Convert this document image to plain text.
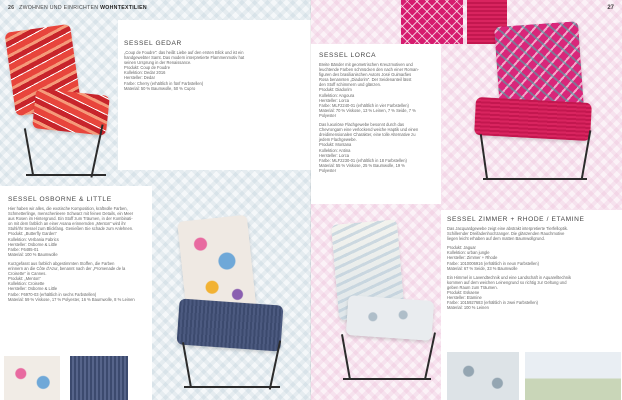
26 ZWOHNEN UND EINRICHTEN WOHNTEXTILIEN
SESSEL GEDAR

„Coup de Foudre“: das heißt Liebe auf den ersten Blick und ist ein
handgewebter Samt. Das modern interpretierte Flammenmotiv hat
seinen Ursprung in der Renaissance.
Produkt: Coup de Foudre
Kollektion: Dedar 2016
Hersteller: Dedar
Farbe: Cherry (erhältlich in fünf Farbstellen)
Material: 50 % Baumwolle, 50 % Cupro

SESSEL OSBORNE & LITTLE

Hier haben wir alles, die exotische Komposition, kraftvolle Farben,
Schmetterlinge, menschenleere Schwarz mit feinen Details, ein Meer
aus Rosen im Hintergrund. Ein Stoff zum Träumen, in der Kombinati-
on mit dem farblich an einer Asana erinnernden „Menton“ wird ihr
Stuhl/Ihr Sessel zum Blickfang. Genießen Sie schade zum Anlehnen.
Produkt: „Butterfly Garden“
Kollektion: Verbania Fabrics
Hersteller: Osborne & Little
Farbe: F6485-01
Material: 100 % Baumwolle

Kurzgefasst aus farblich abgestimmten Stoffen, die Farben
erinnern an die Côte d'Azur, benannt nach der „Promenade de la
Croisette“ in Cannes.
Produkt: „Menton“
Kollektion: Croisette
Hersteller: Osborne & Little
Farbe: F6970-03 (erhältlich in sechs Farbstellen)
Material: 59 % Viskose, 17 % Polyester, 16 % Baumwolle, 8 % Leinen

27
SESSEL LORCA

Breite Bänder mit geometrischen Kreuzmotiven und
leuchtende Farben schmücken den nach einer Roman-
figuren des brasilianischen Autors José Guimarães
Rosa benannten „Diadorim“. Der Seidenanteil lässt
den Stoff schimmern und glänzen.
Produkt: Diadorim
Kollektion: Angoura
Hersteller: Lorca
Farbe: MLF2240-01 (erhältlich in vier Farbstellen)
Material: 70 % Viskose, 13 % Leinen, 7 % Seide, 7 %
Polyester

Das luxuriöse Flachgewebe besonnt durch das
Chevrongarn eine verlockend weiche Haptik und einen
dreidimensionalen Charakter, eine tolle Alternative zu
jedem Flachgewebe.
Produkt: Montana
Kollektion: Antina
Hersteller: Lorca
Farbe: MLF2230-01 (erhältlich in 18 Farbstellen)
Material: 55 % Viskose, 25 % Baumwolle, 19 %
Polyester

SESSEL ZIMMER + RHODE / ETAMINE

Das Jacquardgewebe zeigt eine abstrakt interpretierte Tierfelloptik.
Schillernder Dreifadenhochzanger. Die glänzenden Rauchmotive
liegen leicht erhaben auf dem matten Baumwollgrund.

Produkt: Jaguar
Kollektion: urban jungle
Hersteller: Zimmer + Rhode
Farbe: 1010006916 (erhältlich in neun Farbstellen)
Material: 67 % Seide, 33 % Baumwolle

Ein Himmel in Lavendtechnik und eine Landschaft in Aquarelltechnik
kommen auf dem weichen Leinengrund so richtig zur Geltung und
geben Raum zum Träumen.
Produkt: Eskaene
Hersteller: Etamine
Farbe: 1015927683 (erhältlich in zwei Farbstellen)
Material: 100 % Leinen
